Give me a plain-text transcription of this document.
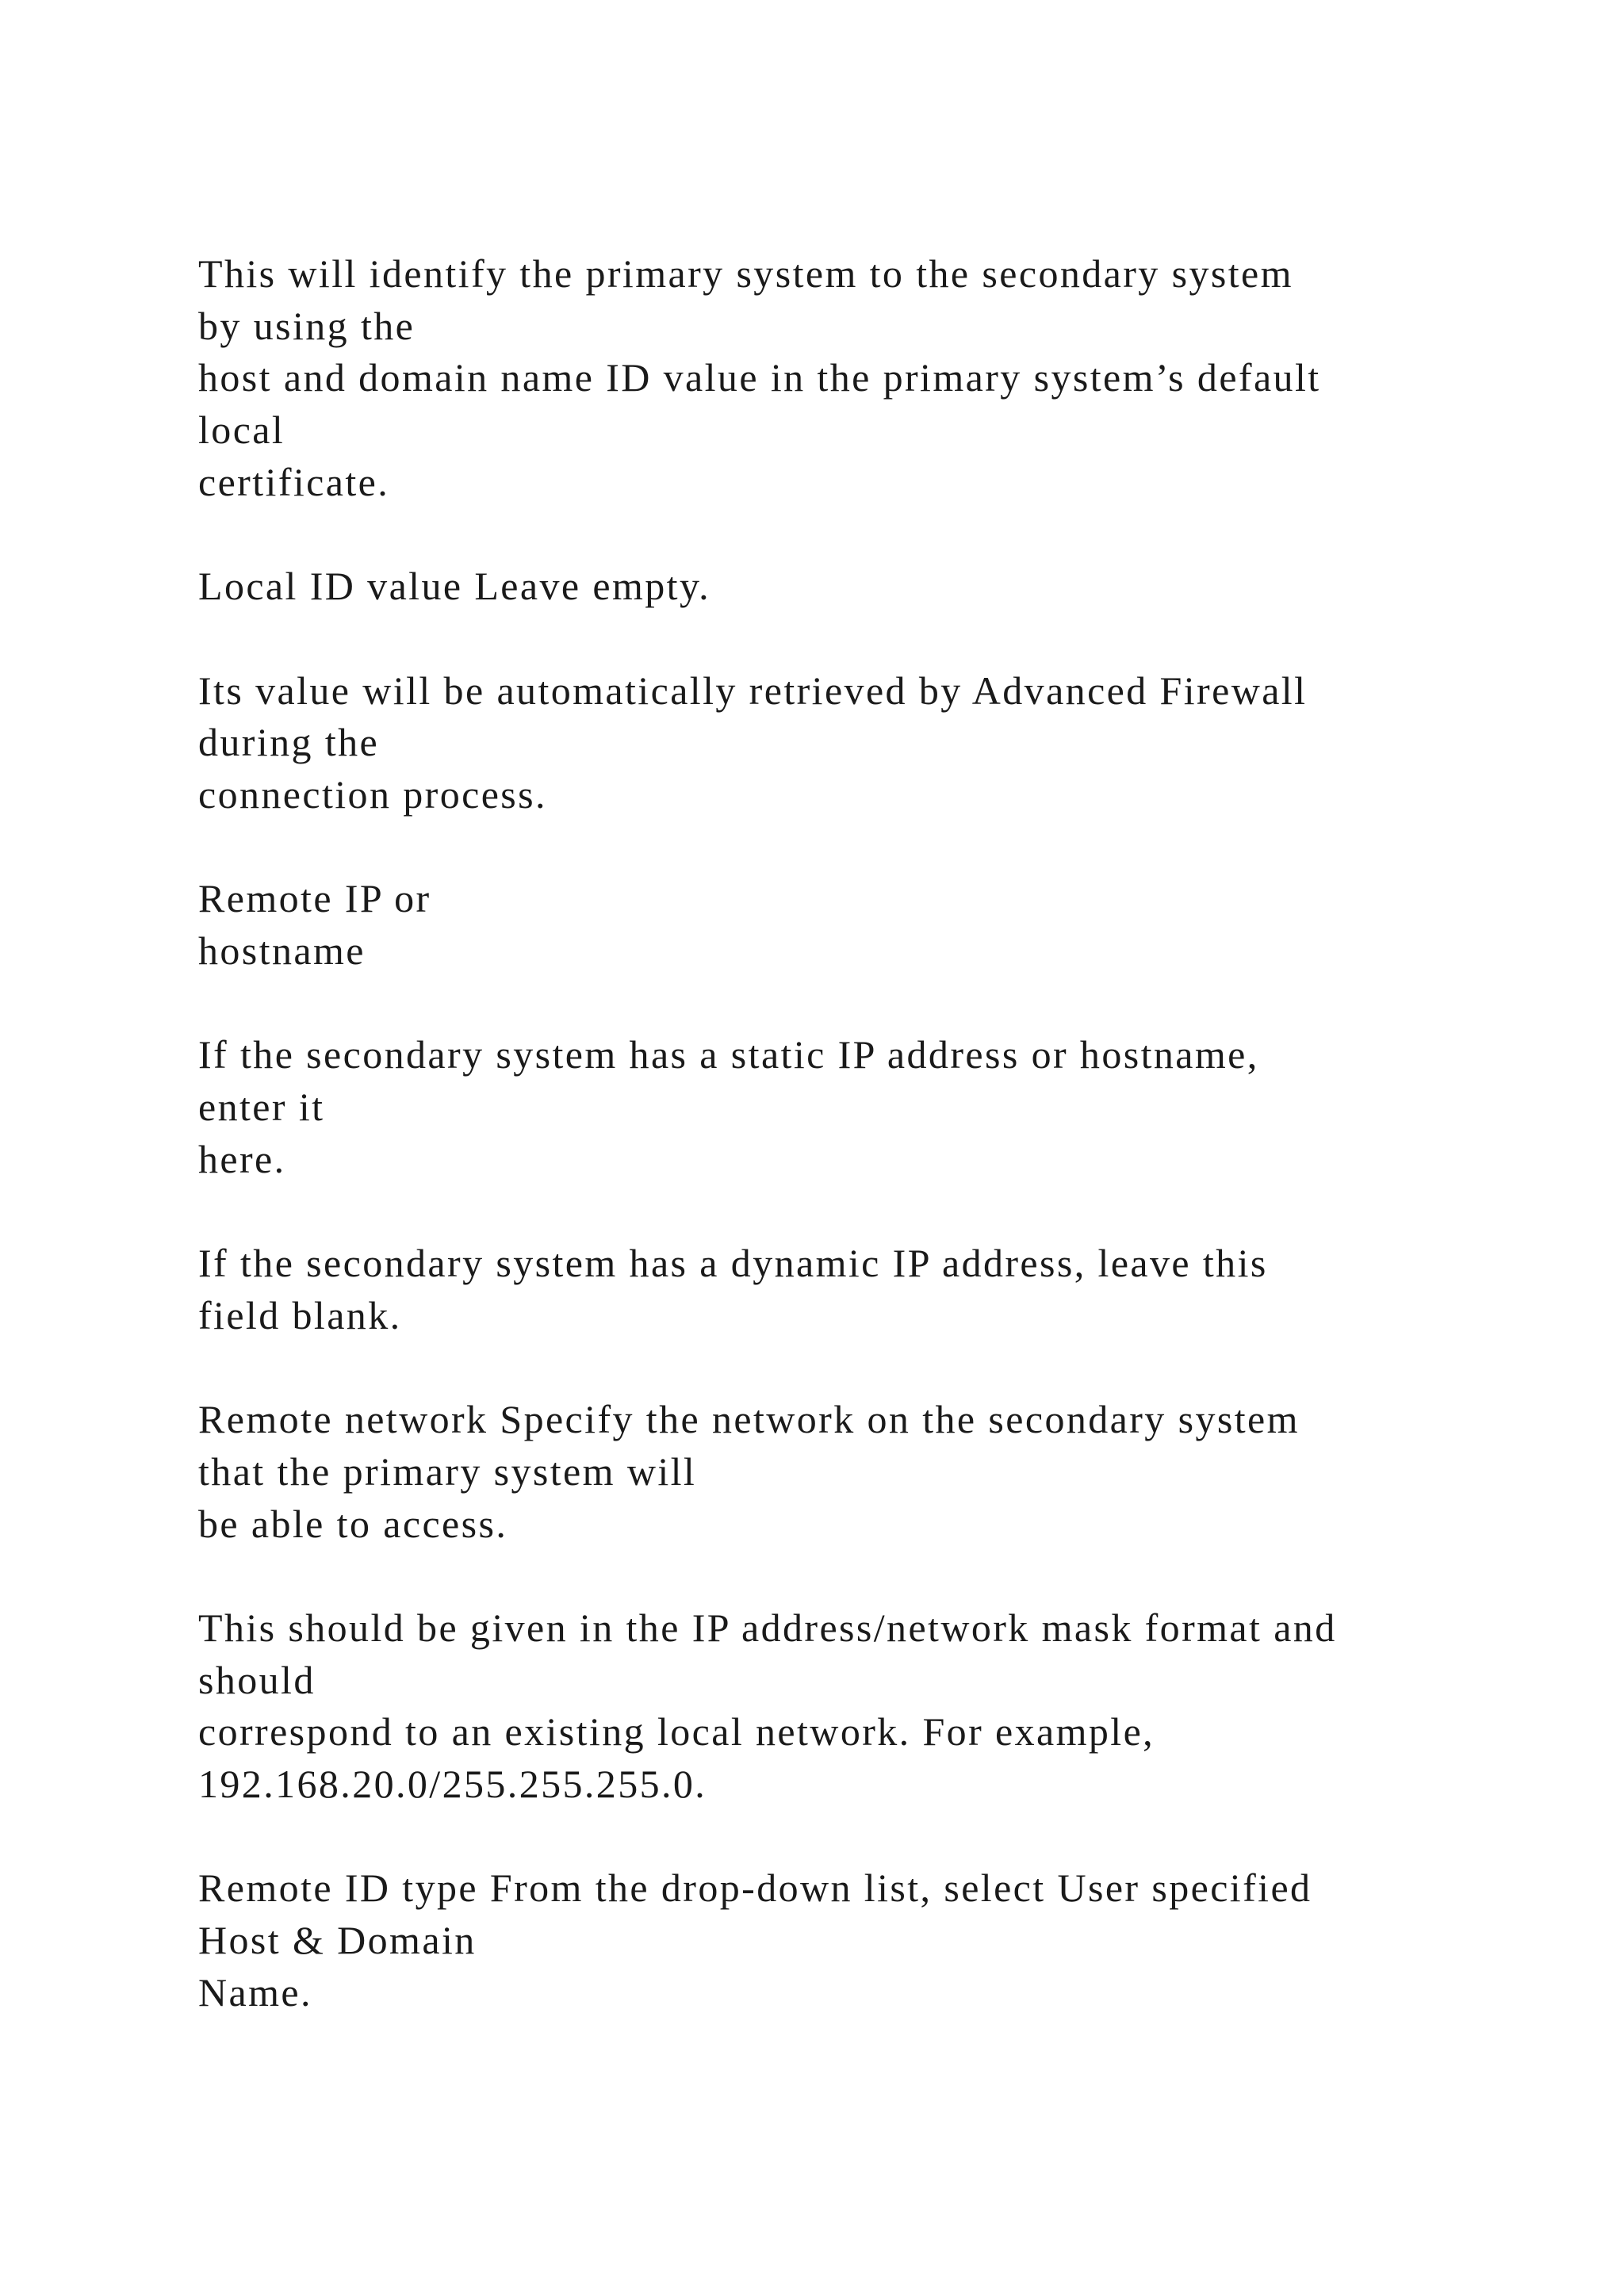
This will identify the primary system to the secondary system
by using the
host and domain name ID value in the primary system’s default
local
certificate.
Local ID value Leave empty.
Its value will be automatically retrieved by Advanced Firewall
during the
connection process.
Remote IP or
hostname
If the secondary system has a static IP address or hostname,
enter it
here.
If the secondary system has a dynamic IP address, leave this
field blank.
Remote network Specify the network on the secondary system
that the primary system will
be able to access.
This should be given in the IP address/network mask format and
should
correspond to an existing local network. For example,
192.168.20.0/255.255.255.0.
Remote ID type From the drop-down list, select User specified
Host & Domain
Name.
